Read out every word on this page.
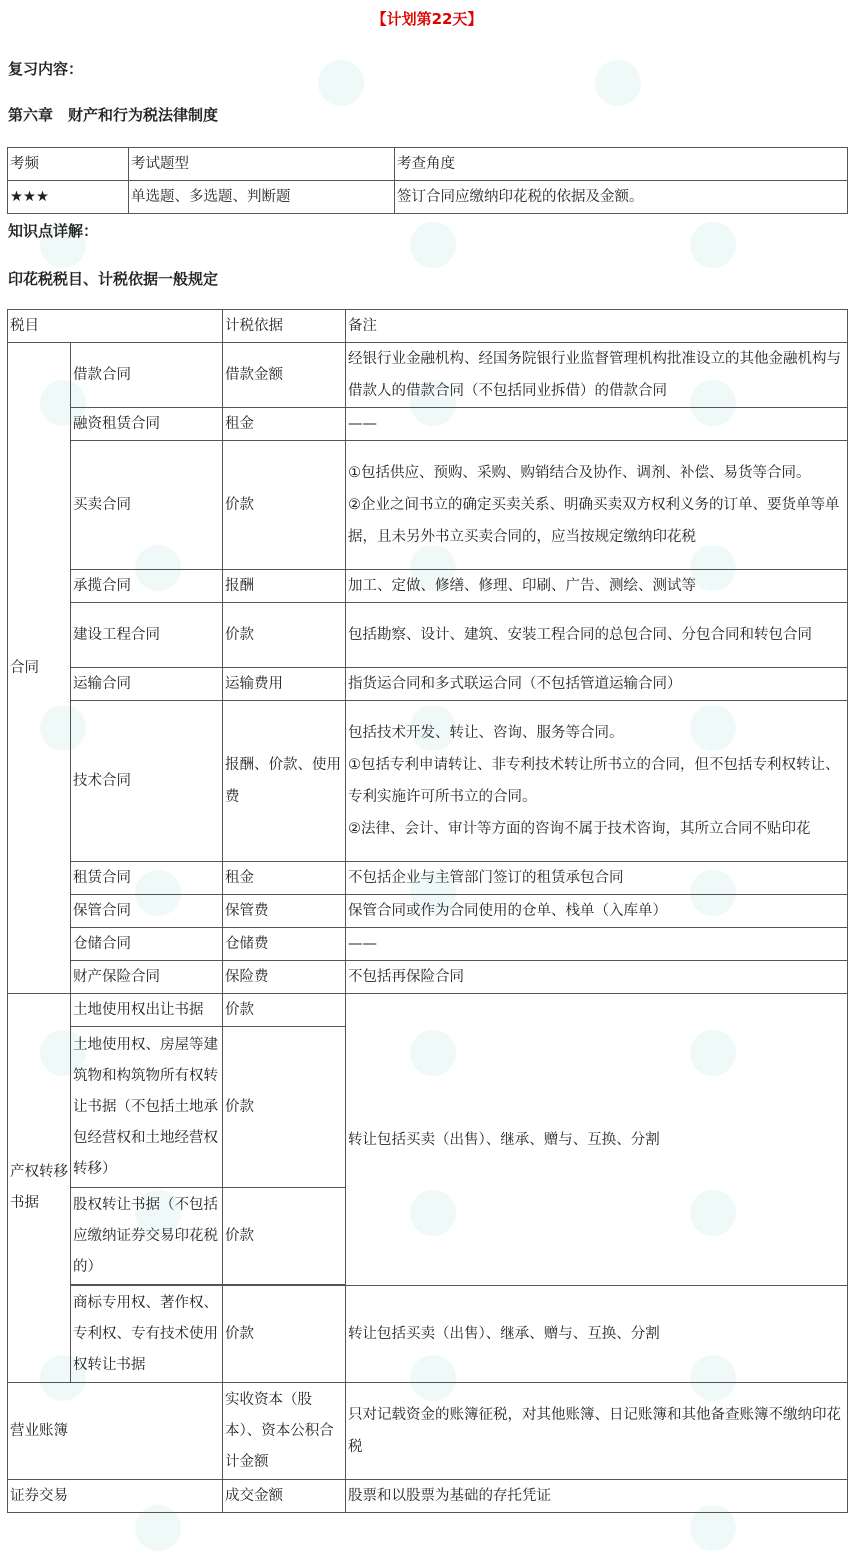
【计划第22天】
复习内容：
第六章　财产和行为税法律制度
考频	考试题型	考查角度
★★★	单选题、多选题、判断题	签订合同应缴纳印花税的依据及金额。
知识点详解：
印花税税目、计税依据一般规定
税目		计税依据	备注
合同	借款合同	借款金额	经银行业金融机构、经国务院银行业监督管理机构批准设立的其他金融机构与借款人的借款合同（不包括同业拆借）的借款合同
	融资租赁合同	租金	——
	买卖合同	价款	①包括供应、预购、采购、购销结合及协作、调剂、补偿、易货等合同。
②企业之间书立的确定买卖关系、明确买卖双方权利义务的订单、要货单等单据，且未另外书立买卖合同的，应当按规定缴纳印花税

	承揽合同	报酬	加工、定做、修缮、修理、印刷、广告、测绘、测试等
	建设工程合同	价款	包括勘察、设计、建筑、安装工程合同的总包合同、分包合同和转包合同
	运输合同	运输费用	指货运合同和多式联运合同（不包括管道运输合同）
	技术合同	报酬、价款、使用费	包括技术开发、转让、咨询、服务等合同。
①包括专利申请转让、非专利技术转让所书立的合同，但不包括专利权转让、专利实施许可所书立的合同。
②法律、会计、审计等方面的咨询不属于技术咨询，其所立合同不贴印花

	租赁合同	租金	不包括企业与主管部门签订的租赁承包合同
	保管合同	保管费	保管合同或作为合同使用的仓单、栈单（入库单）
	仓储合同	仓储费	——
	财产保险合同	保险费	不包括再保险合同
产权转移书据	土地使用权出让书据	价款	转让包括买卖（出售）、继承、赠与、互换、分割
	土地使用权、房屋等建筑物和构筑物所有权转让书据（不包括土地承包经营权和土地经营权转移）	价款	
	股权转让书据（不包括应缴纳证券交易印花税的）	价款	

	商标专用权、著作权、专利权、专有技术使用权转让书据	价款	转让包括买卖（出售）、继承、赠与、互换、分割
营业账簿		实收资本（股本）、资本公积合计金额	只对记载资金的账簿征税，对其他账簿、日记账簿和其他备查账簿不缴纳印花税
证券交易		成交金额	股票和以股票为基础的存托凭证
